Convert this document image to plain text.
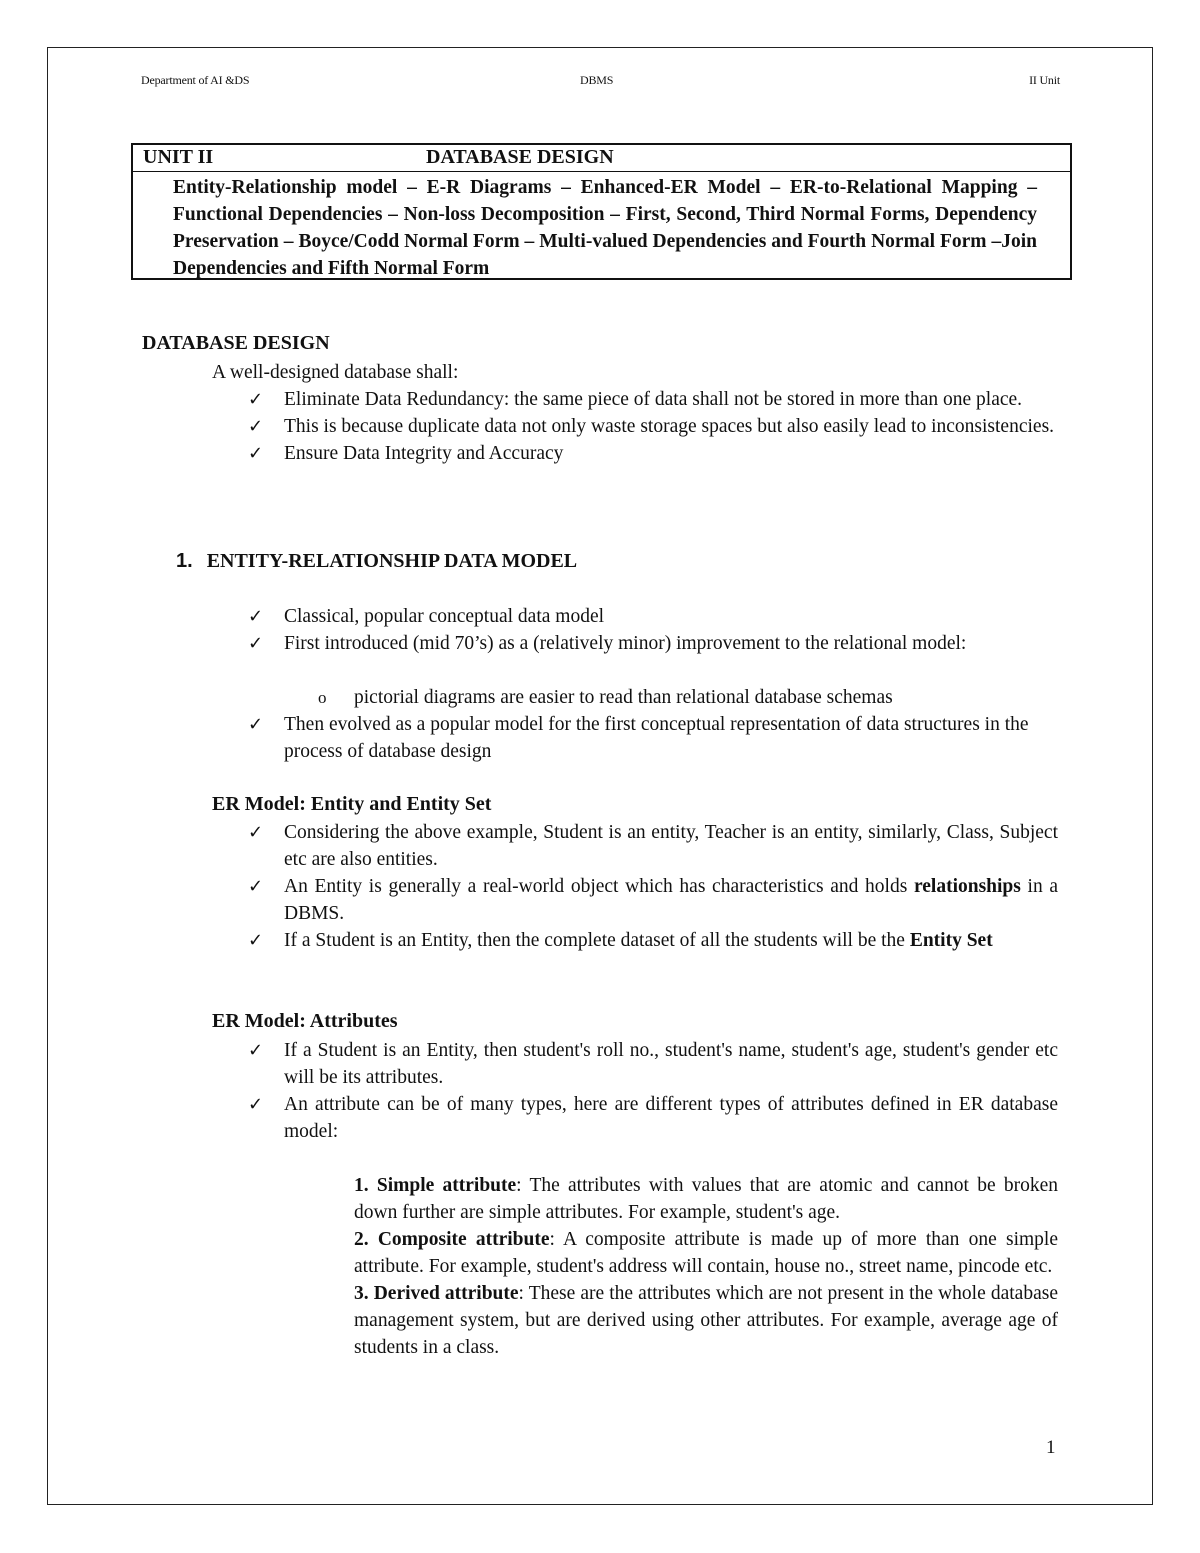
Department of AI &DS	DBMS	II Unit
UNIT II	DATABASE DESIGN
Entity-Relationship model – E-R Diagrams – Enhanced-ER Model – ER-to-Relational Mapping –Functional Dependencies – Non-loss Decomposition – First, Second, Third Normal Forms, Dependency Preservation – Boyce/Codd Normal Form – Multi-valued Dependencies and Fourth Normal Form –Join Dependencies and Fifth Normal Form
DATABASE DESIGN
A well-designed database shall:
✓ Eliminate Data Redundancy: the same piece of data shall not be stored in more than one place.
✓ This is because duplicate data not only waste storage spaces but also easily lead to inconsistencies.
✓ Ensure Data Integrity and Accuracy
1. ENTITY-RELATIONSHIP DATA MODEL
✓ Classical, popular conceptual data model
✓ First introduced (mid 70’s) as a (relatively minor) improvement to the relational model:
o pictorial diagrams are easier to read than relational database schemas
✓ Then evolved as a popular model for the first conceptual representation of data structures in the process of database design
ER Model: Entity and Entity Set
✓ Considering the above example, Student is an entity, Teacher is an entity, similarly, Class, Subject etc are also entities.
✓ An Entity is generally a real-world object which has characteristics and holds relationships in a DBMS.
✓ If a Student is an Entity, then the complete dataset of all the students will be the Entity Set
ER Model: Attributes
✓ If a Student is an Entity, then student's roll no., student's name, student's age, student's gender etc will be its attributes.
✓ An attribute can be of many types, here are different types of attributes defined in ER database model:
1. Simple attribute: The attributes with values that are atomic and cannot be broken down further are simple attributes. For example, student's age.
2. Composite attribute: A composite attribute is made up of more than one simple attribute. For example, student's address will contain, house no., street name, pincode etc.
3. Derived attribute: These are the attributes which are not present in the whole database management system, but are derived using other attributes. For example, average age of students in a class.
1
